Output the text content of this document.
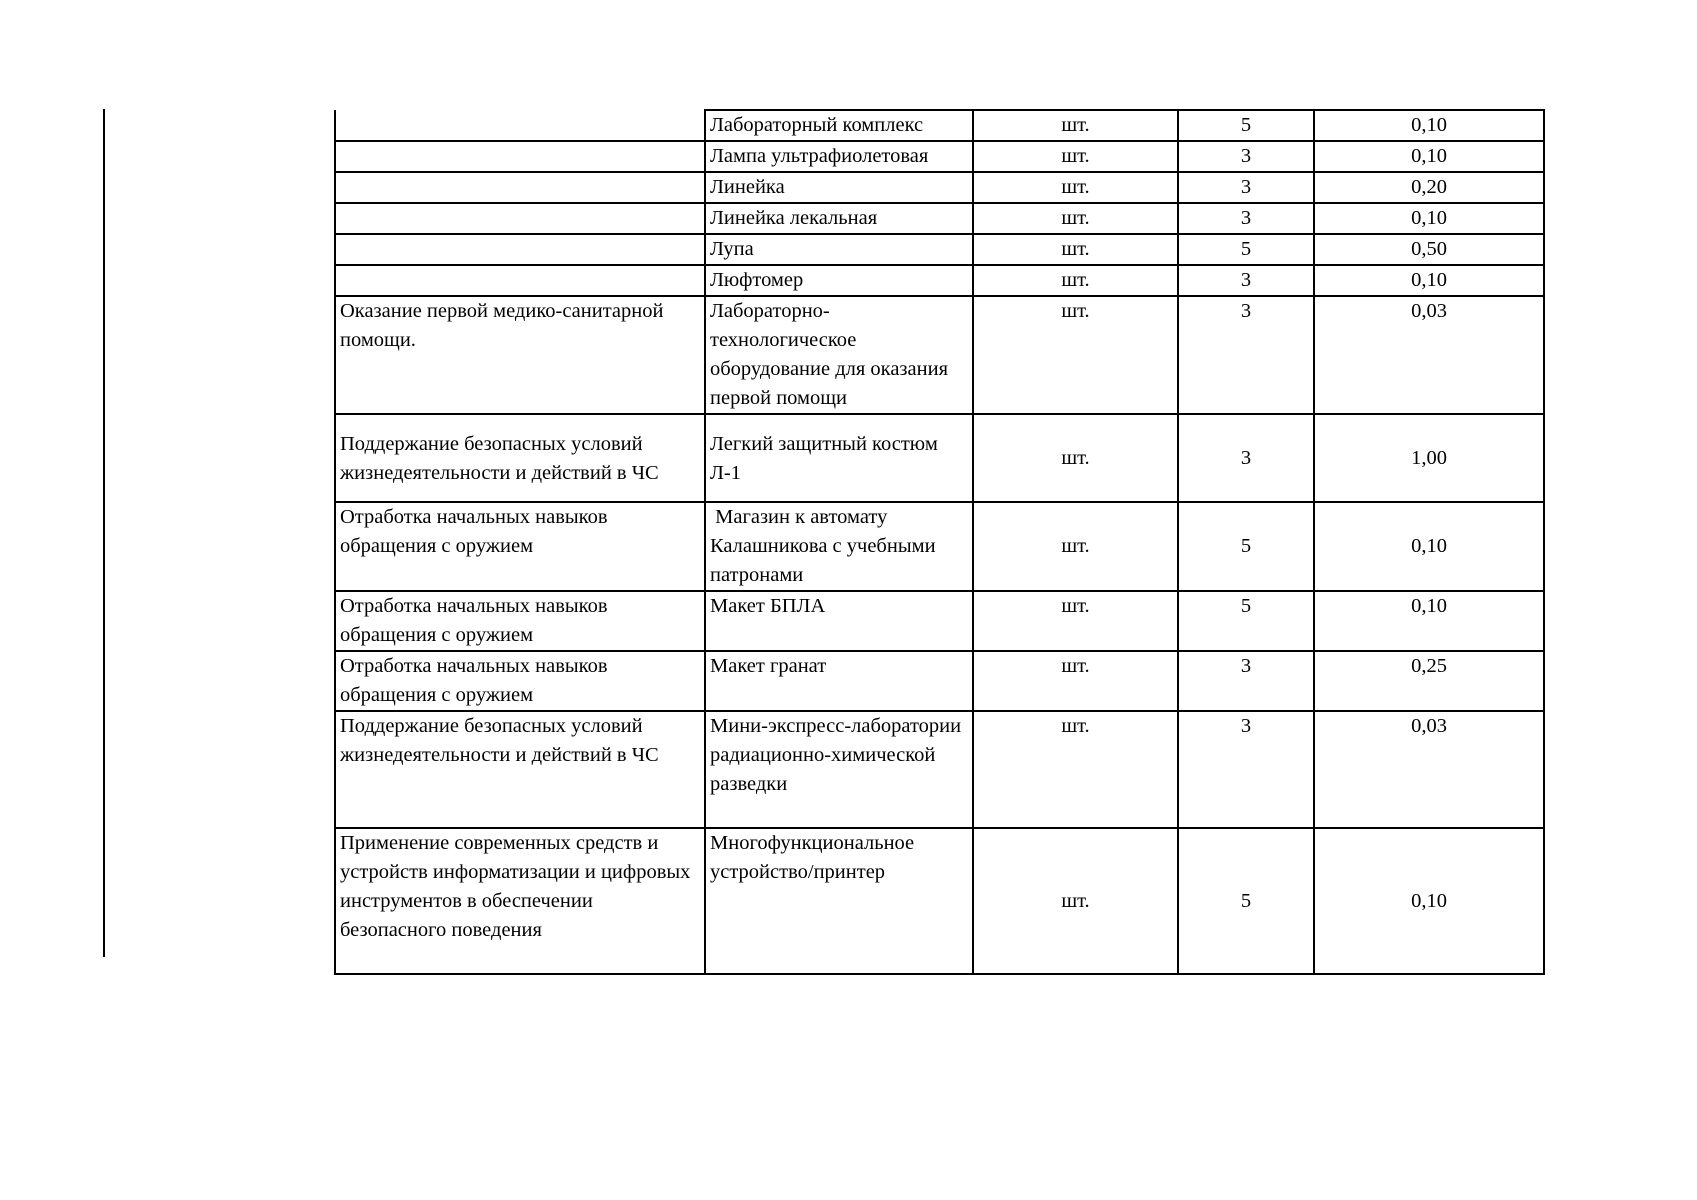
	Лабораторный комплекс	шт.	5	0,10
	Лампа ультрафиолетовая	шт.	3	0,10
	Линейка	шт.	3	0,20
	Линейка лекальная	шт.	3	0,10
	Лупа	шт.	5	0,50
	Люфтомер	шт.	3	0,10
Оказание первой медико-санитарной помощи.	Лабораторно-технологическое оборудование для оказания первой помощи	шт.	3	0,03
Поддержание безопасных условий жизнедеятельности и действий в ЧС	Легкий защитный костюм Л-1	шт.	3	1,00
Отработка начальных навыков обращения с оружием	Магазин к автомату Калашникова с учебными патронами	шт.	5	0,10
Отработка начальных навыков обращения с оружием	Макет БПЛА	шт.	5	0,10
Отработка начальных навыков обращения с оружием	Макет гранат	шт.	3	0,25
Поддержание безопасных условий жизнедеятельности и действий в ЧС	Мини-экспресс-лаборатории радиационно-химической разведки	шт.	3	0,03
Применение современных средств и устройств информатизации и цифровых инструментов в обеспечении безопасного поведения	Многофункциональное устройство/принтер	шт.	5	0,10
